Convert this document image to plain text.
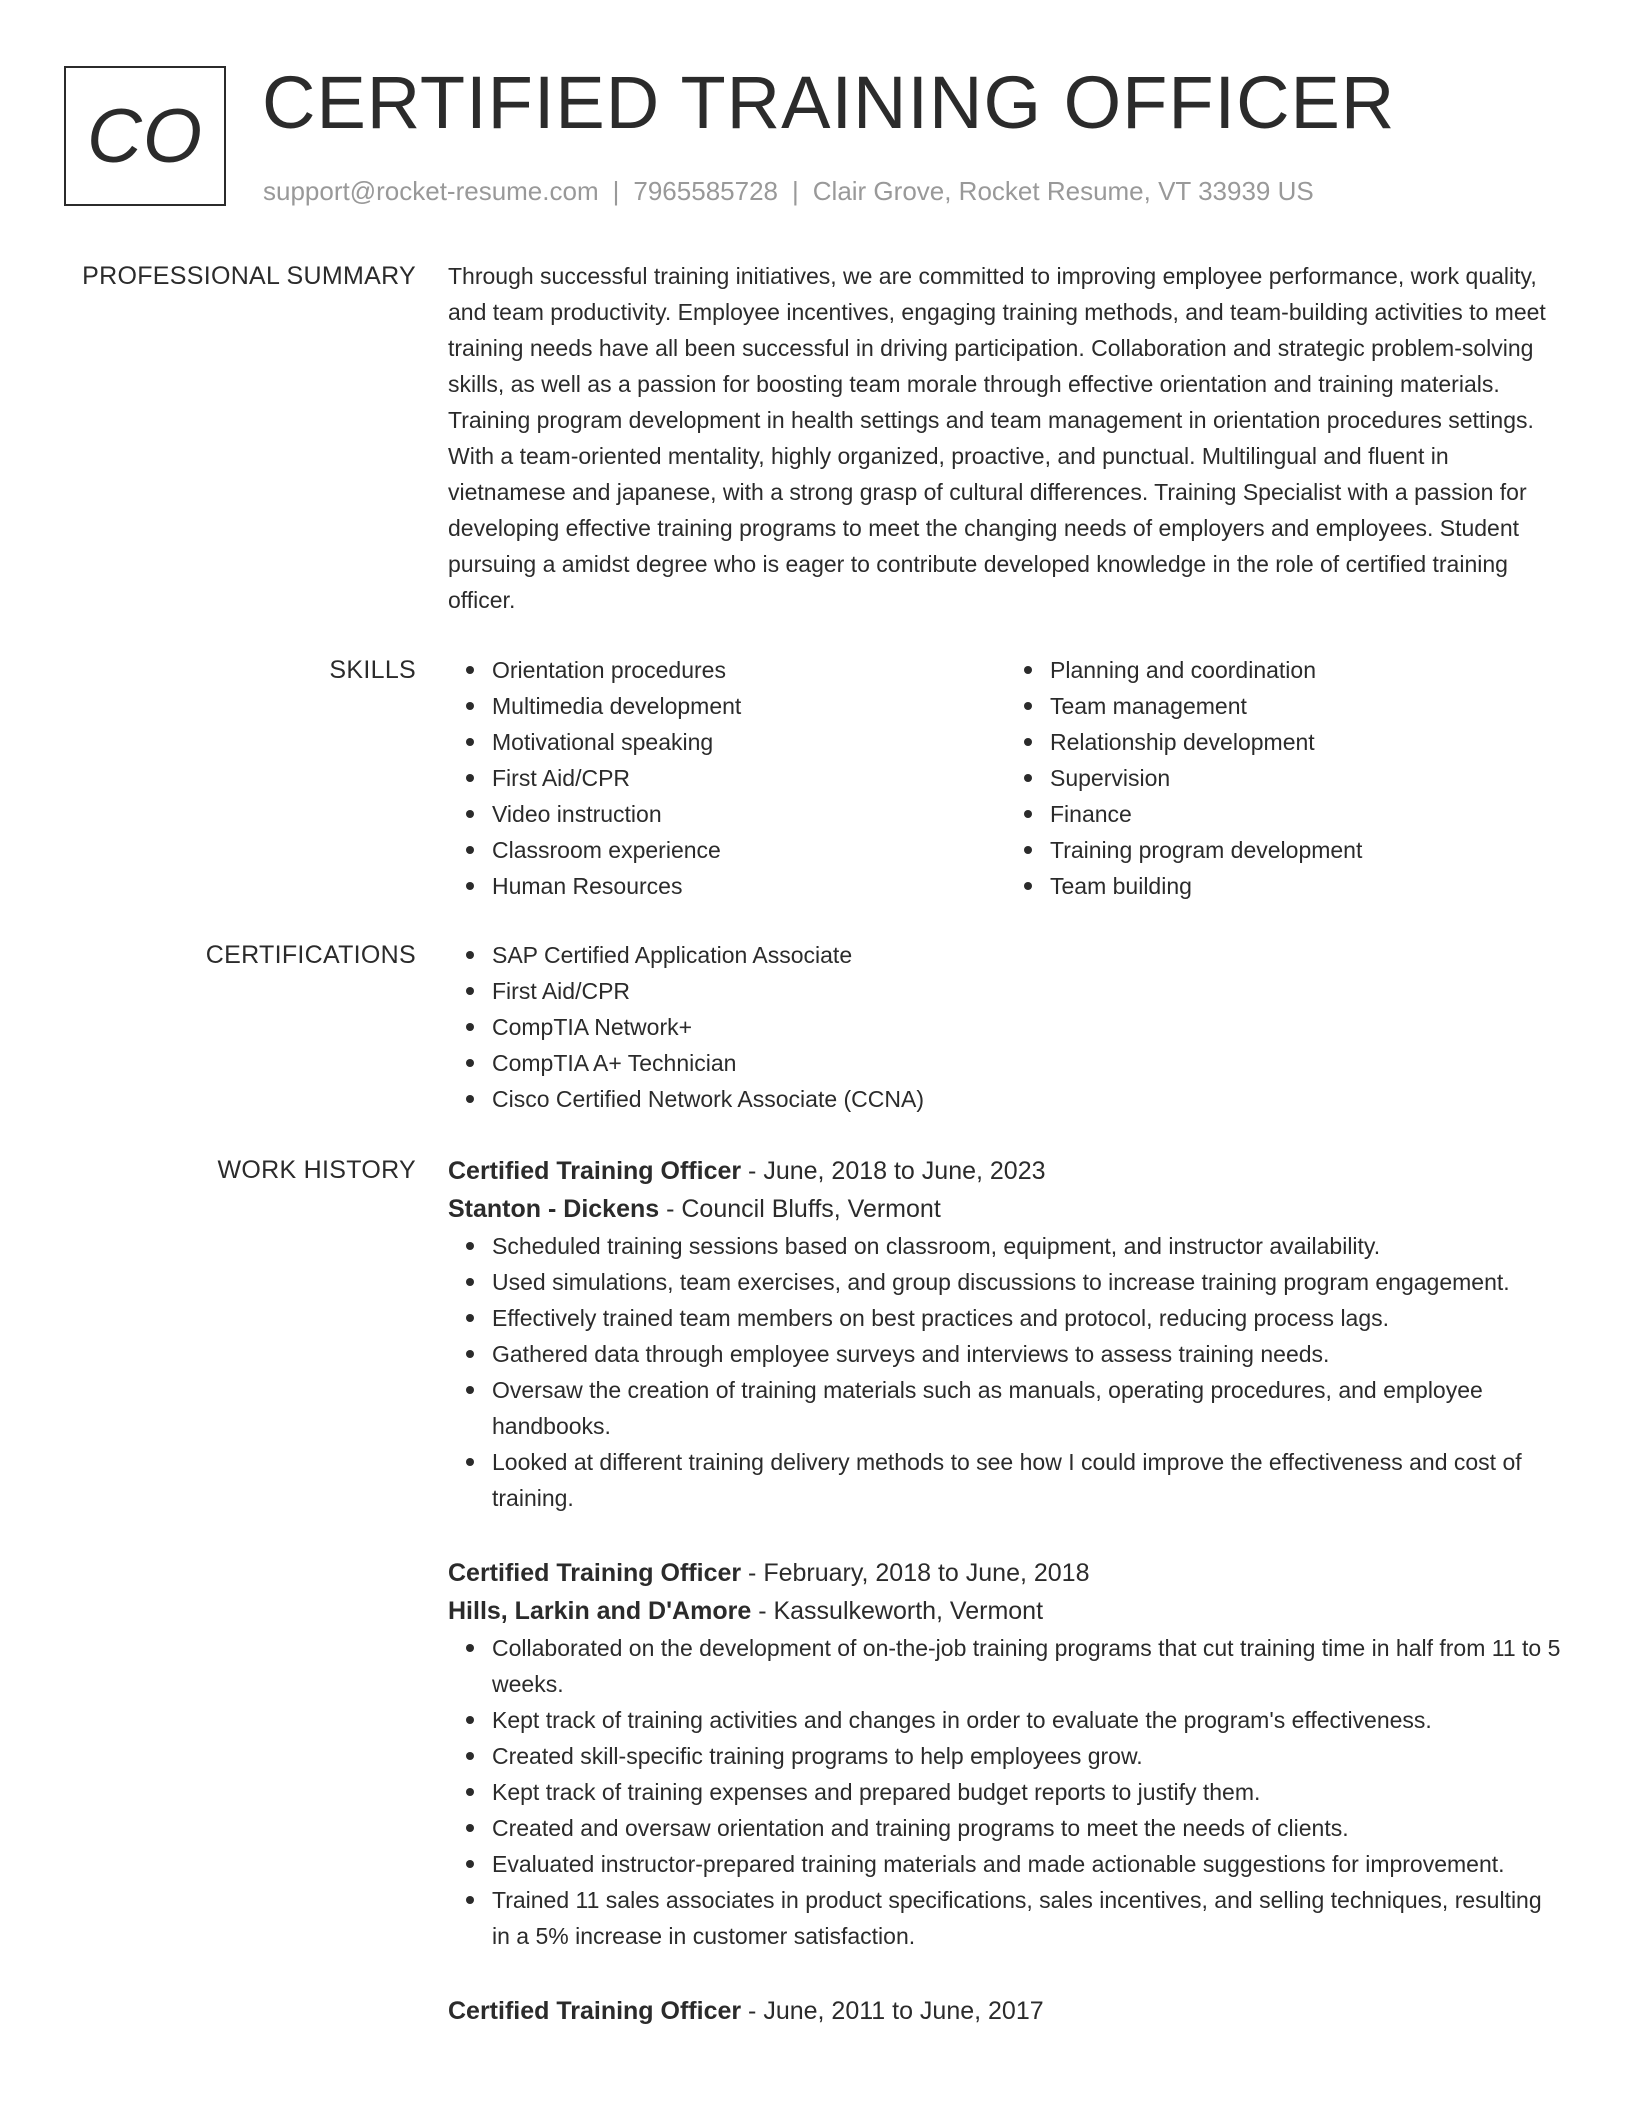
CO CERTIFIED TRAINING OFFICER
support@rocket-resume.com | 7965585728 | Clair Grove, Rocket Resume, VT 33939 US
PROFESSIONAL SUMMARY Through successful training initiatives, we are committed to improving employee performance, work quality, and team productivity. Employee incentives, engaging training methods, and team-building activities to meet training needs have all been successful in driving participation. Collaboration and strategic problem-solving skills, as well as a passion for boosting team morale through effective orientation and training materials. Training program development in health settings and team management in orientation procedures settings. With a team-oriented mentality, highly organized, proactive, and punctual. Multilingual and fluent in vietnamese and japanese, with a strong grasp of cultural differences. Training Specialist with a passion for developing effective training programs to meet the changing needs of employers and employees. Student pursuing a amidst degree who is eager to contribute developed knowledge in the role of certified training officer.
SKILLS	Orientation procedures
Multimedia development
Motivational speaking
First Aid/CPR
Video instruction
Classroom experience
Human Resources
Planning and coordination
Team management
Relationship development
Supervision
Finance
Training program development
Team building
CERTIFICATIONS	SAP Certified Application Associate
First Aid/CPR
CompTIA Network+
CompTIA A+ Technician
Cisco Certified Network Associate (CCNA)
WORK HISTORY Certified Training Officer - June, 2018 to June, 2023
Stanton - Dickens - Council Bluffs, Vermont
Scheduled training sessions based on classroom, equipment, and instructor availability.
Used simulations, team exercises, and group discussions to increase training program engagement.
Effectively trained team members on best practices and protocol, reducing process lags.
Gathered data through employee surveys and interviews to assess training needs.
Oversaw the creation of training materials such as manuals, operating procedures, and employee handbooks.
Looked at different training delivery methods to see how I could improve the effectiveness and cost of training.
Certified Training Officer - February, 2018 to June, 2018
Hills, Larkin and D'Amore - Kassulkeworth, Vermont
Collaborated on the development of on-the-job training programs that cut training time in half from 11 to 5 weeks.
Kept track of training activities and changes in order to evaluate the program's effectiveness.
Created skill-specific training programs to help employees grow.
Kept track of training expenses and prepared budget reports to justify them.
Created and oversaw orientation and training programs to meet the needs of clients.
Evaluated instructor-prepared training materials and made actionable suggestions for improvement.
Trained 11 sales associates in product specifications, sales incentives, and selling techniques, resulting in a 5% increase in customer satisfaction.
Certified Training Officer - June, 2011 to June, 2017
